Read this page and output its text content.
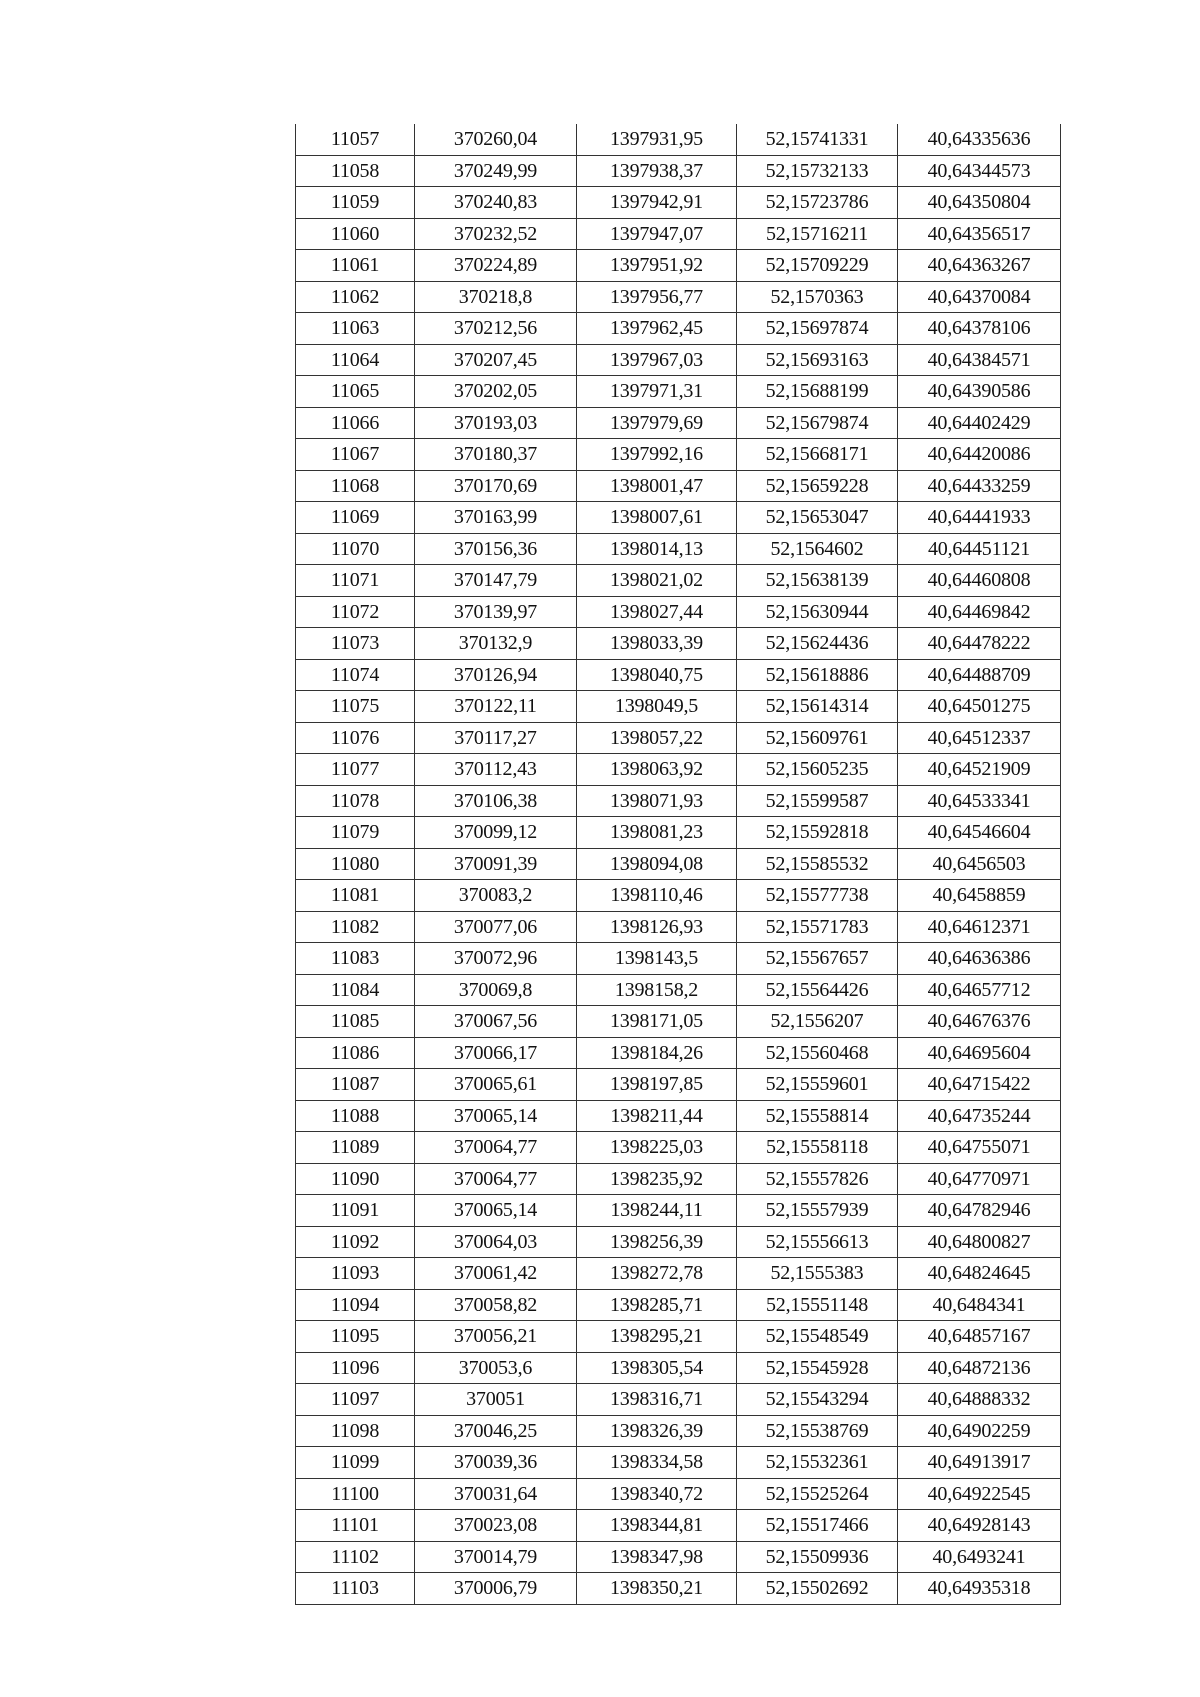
11057	370260,04	1397931,95	52,15741331	40,64335636
11058	370249,99	1397938,37	52,15732133	40,64344573
11059	370240,83	1397942,91	52,15723786	40,64350804
11060	370232,52	1397947,07	52,15716211	40,64356517
11061	370224,89	1397951,92	52,15709229	40,64363267
11062	370218,8	1397956,77	52,1570363	40,64370084
11063	370212,56	1397962,45	52,15697874	40,64378106
11064	370207,45	1397967,03	52,15693163	40,64384571
11065	370202,05	1397971,31	52,15688199	40,64390586
11066	370193,03	1397979,69	52,15679874	40,64402429
11067	370180,37	1397992,16	52,15668171	40,64420086
11068	370170,69	1398001,47	52,15659228	40,64433259
11069	370163,99	1398007,61	52,15653047	40,64441933
11070	370156,36	1398014,13	52,1564602	40,64451121
11071	370147,79	1398021,02	52,15638139	40,64460808
11072	370139,97	1398027,44	52,15630944	40,64469842
11073	370132,9	1398033,39	52,15624436	40,64478222
11074	370126,94	1398040,75	52,15618886	40,64488709
11075	370122,11	1398049,5	52,15614314	40,64501275
11076	370117,27	1398057,22	52,15609761	40,64512337
11077	370112,43	1398063,92	52,15605235	40,64521909
11078	370106,38	1398071,93	52,15599587	40,64533341
11079	370099,12	1398081,23	52,15592818	40,64546604
11080	370091,39	1398094,08	52,15585532	40,6456503
11081	370083,2	1398110,46	52,15577738	40,6458859
11082	370077,06	1398126,93	52,15571783	40,64612371
11083	370072,96	1398143,5	52,15567657	40,64636386
11084	370069,8	1398158,2	52,15564426	40,64657712
11085	370067,56	1398171,05	52,1556207	40,64676376
11086	370066,17	1398184,26	52,15560468	40,64695604
11087	370065,61	1398197,85	52,15559601	40,64715422
11088	370065,14	1398211,44	52,15558814	40,64735244
11089	370064,77	1398225,03	52,15558118	40,64755071
11090	370064,77	1398235,92	52,15557826	40,64770971
11091	370065,14	1398244,11	52,15557939	40,64782946
11092	370064,03	1398256,39	52,15556613	40,64800827
11093	370061,42	1398272,78	52,1555383	40,64824645
11094	370058,82	1398285,71	52,15551148	40,6484341
11095	370056,21	1398295,21	52,15548549	40,64857167
11096	370053,6	1398305,54	52,15545928	40,64872136
11097	370051	1398316,71	52,15543294	40,64888332
11098	370046,25	1398326,39	52,15538769	40,64902259
11099	370039,36	1398334,58	52,15532361	40,64913917
11100	370031,64	1398340,72	52,15525264	40,64922545
11101	370023,08	1398344,81	52,15517466	40,64928143
11102	370014,79	1398347,98	52,15509936	40,6493241
11103	370006,79	1398350,21	52,15502692	40,64935318
